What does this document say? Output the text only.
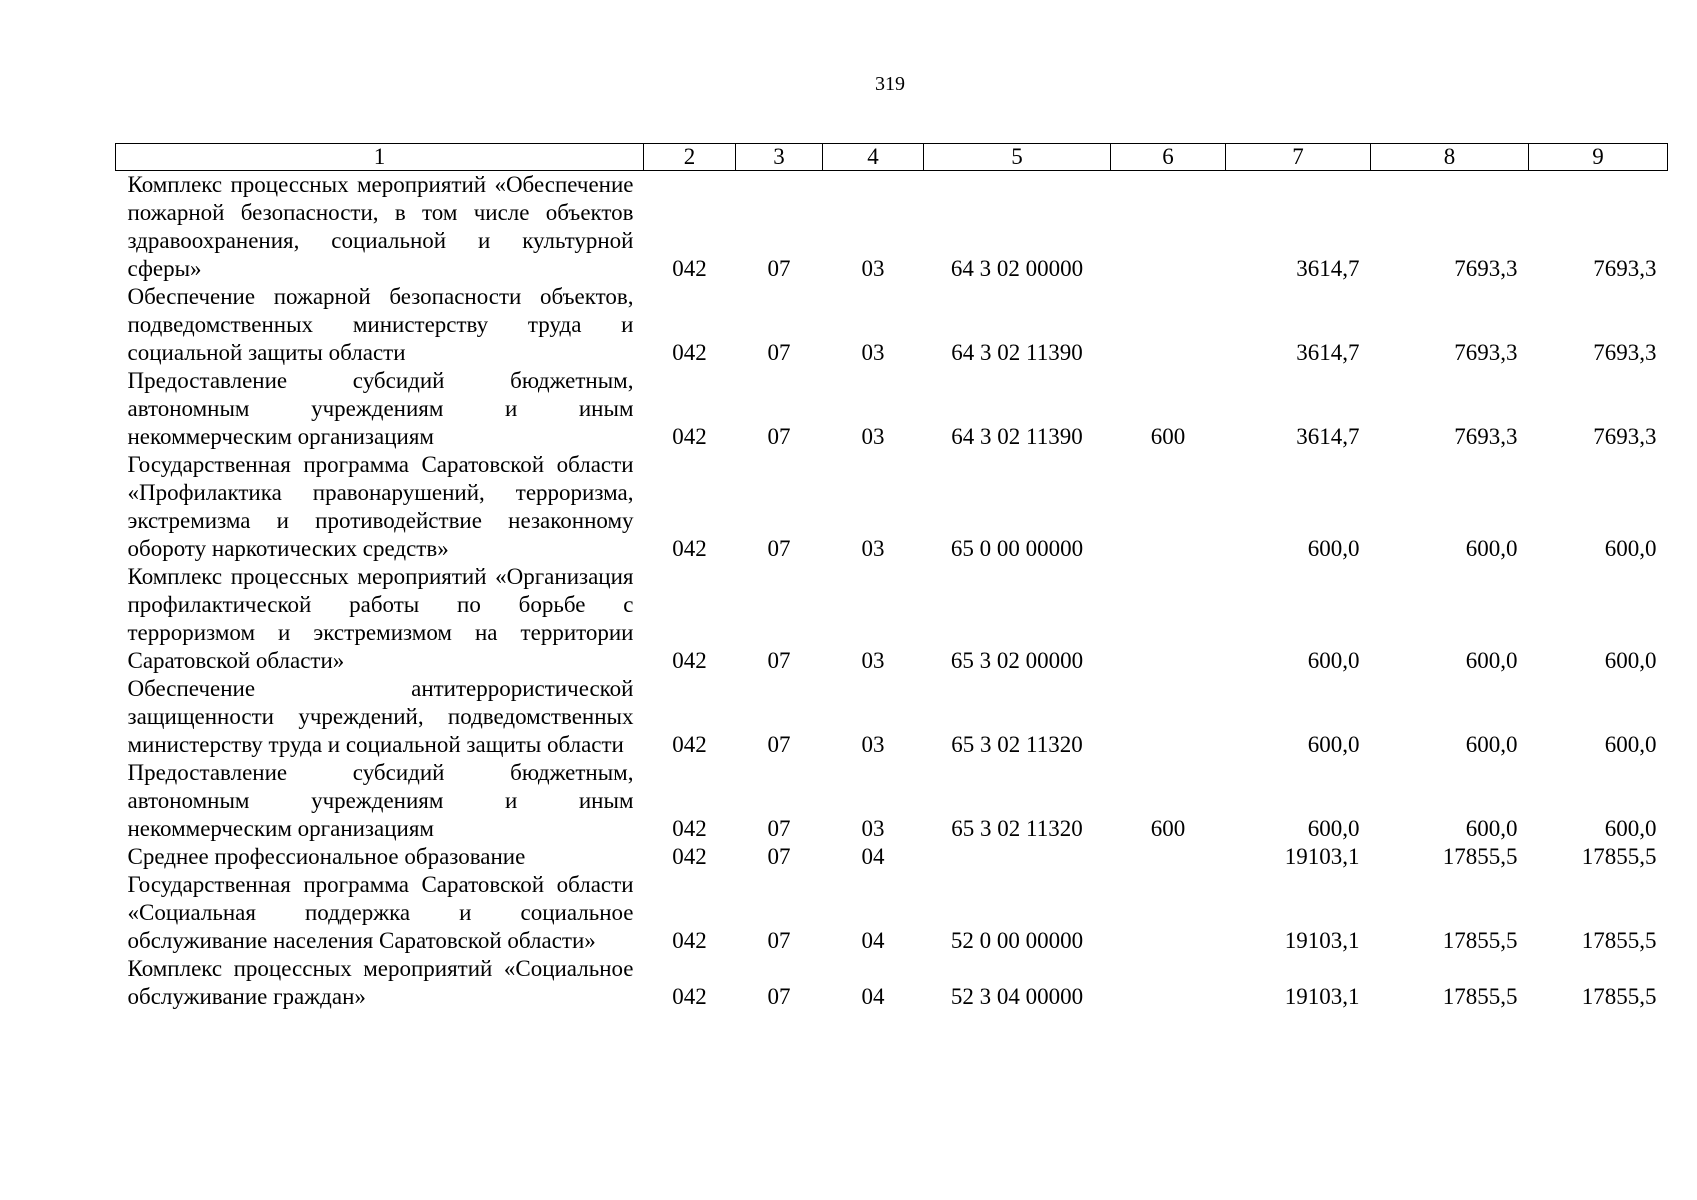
319
1	2	3	4	5	6	7	8	9
Комплекс процессных мероприятий «Обеспечение пожарной безопасности, в том числе объектов здравоохранения, социальной и культурной сферы»	042	07	03	64 3 02 00000		3614,7	7693,3	7693,3
Обеспечение пожарной безопасности объектов, подведомственных министерству труда и социальной защиты области	042	07	03	64 3 02 11390		3614,7	7693,3	7693,3
Предоставление субсидий бюджетным, автономным учреждениям и иным некоммерческим организациям	042	07	03	64 3 02 11390	600	3614,7	7693,3	7693,3
Государственная программа Саратовской области «Профилактика правонарушений, терроризма, экстремизма и противодействие незаконному обороту наркотических средств»	042	07	03	65 0 00 00000		600,0	600,0	600,0
Комплекс процессных мероприятий «Организация профилактической работы по борьбе с терроризмом и экстремизмом на территории Саратовской области»	042	07	03	65 3 02 00000		600,0	600,0	600,0
Обеспечение антитеррористической защищенности учреждений, подведомственных министерству труда и социальной защиты области	042	07	03	65 3 02 11320		600,0	600,0	600,0
Предоставление субсидий бюджетным, автономным учреждениям и иным некоммерческим организациям	042	07	03	65 3 02 11320	600	600,0	600,0	600,0
Среднее профессиональное образование	042	07	04			19103,1	17855,5	17855,5
Государственная программа Саратовской области «Социальная поддержка и социальное обслуживание населения Саратовской области»	042	07	04	52 0 00 00000		19103,1	17855,5	17855,5
Комплекс процессных мероприятий «Социальное обслуживание граждан»	042	07	04	52 3 04 00000		19103,1	17855,5	17855,5
